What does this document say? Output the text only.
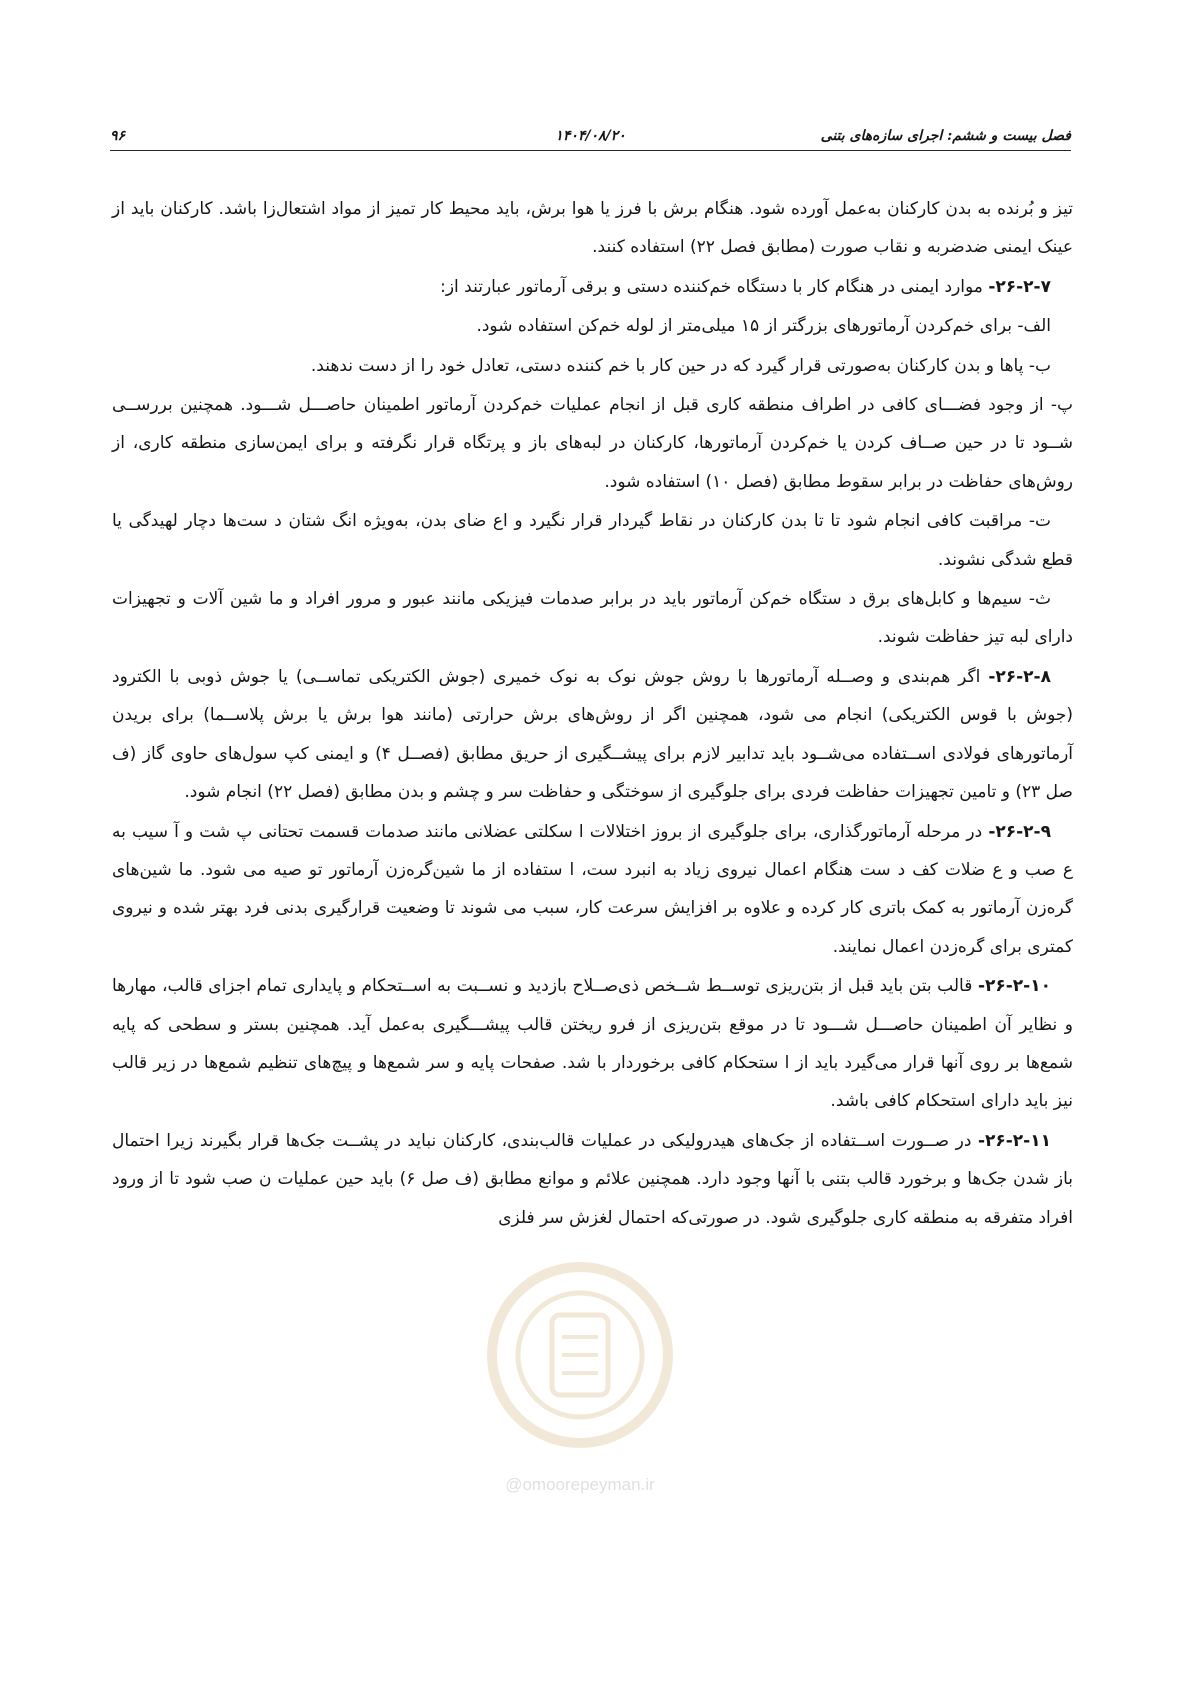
فصل بیست و ششم: اجرای سازه‌های بتنی
۱۴۰۴/۰۸/۲۰
۹۶

تیز و بُرنده به بدن کارکنان به‌عمل آورده شود. هنگام برش با فرز یا هوا برش، باید محیط کار تمیز از مواد اشتعال‌زا باشد. کارکنان باید از عینک ایمنی ضدضربه و نقاب صورت (مطابق فصل ۲۲) استفاده کنند.

۲۶-۲-۷- موارد ایمنی در هنگام کار با دستگاه خم‌کننده دستی و برقی آرماتور عبارتند از:

الف- برای خم‌کردن آرماتورهای بزرگتر از ۱۵ میلی‌متر از لوله خم‌کن استفاده شود.

ب- پاها و بدن کارکنان به‌صورتی قرار گیرد که در حین کار با خم کننده دستی، تعادل خود را از دست ندهند.

پ- از وجود فضـــای کافی در اطراف منطقه کاری قبل از انجام عملیات خم‌کردن آرماتور اطمینان حاصـــل شـــود. همچنین بررســی شــود تا در حین صــاف کردن یا خم‌کردن آرماتورها، کارکنان در لبه‌های باز و پرتگاه قرار نگرفته و برای ایمن‌سازی منطقه کاری، از روش‌های حفاظت در برابر سقوط مطابق (فصل ۱۰) استفاده شود.

ت- مراقبت کافی انجام شود تا تا بدن کارکنان در نقاط گیردار قرار نگیرد و اع ضای بدن، به‌ویژه انگ شتان د ست‌ها دچار لهیدگی یا قطع شدگی نشوند.

ث- سیم‌ها و کابل‌های برق د ستگاه خم‌کن آرماتور باید در برابر صدمات فیزیکی مانند عبور و مرور افراد و ما شین آلات و تجهیزات دارای لبه تیز حفاظت شوند.

۲۶-۲-۸- اگر هم‌بندی و وصــله آرماتورها با روش جوش نوک به نوک خمیری (جوش الکتریکی تماســی) یا جوش ذوبی با الکترود (جوش با قوس الکتریکی) انجام می شود، همچنین اگر از روش‌های برش حرارتی (مانند هوا برش یا برش پلاســما) برای بریدن آرماتورهای فولادی اســتفاده می‌شــود باید تدابیر لازم برای پیشــگیری از حریق مطابق (فصــل ۴) و ایمنی کپ سول‌های حاوی گاز (ف صل ۲۳) و تامین تجهیزات حفاظت فردی برای جلوگیری از سوختگی و حفاظت سر و چشم و بدن مطابق (فصل ۲۲) انجام شود.

۲۶-۲-۹- در مرحله آرماتورگذاری، برای جلوگیری از بروز اختلالات ا سکلتی عضلانی مانند صدمات قسمت تحتانی پ شت و آ سیب به ع صب و ع ضلات کف د ست هنگام اعمال نیروی زیاد به انبرد ست، ا ستفاده از ما شین‌گره‌زن آرماتور تو صیه می شود. ما شین‌های گره‌زن آرماتور به کمک باتری کار کرده و علاوه بر افزایش سرعت کار، سبب می شوند تا وضعیت قرارگیری بدنی فرد بهتر شده و نیروی کمتری برای گره‌زدن اعمال نمایند.

۲۶-۲-۱۰- قالب بتن باید قبل از بتن‌ریزی توســط شــخص ذی‌صــلاح بازدید و نســبت به اســتحکام و پایداری تمام اجزای قالب، مهارها و نظایر آن اطمینان حاصـــل شـــود تا در موقع بتن‌ریزی از فرو ریختن قالب پیشـــگیری به‌عمل آید. همچنین بستر و سطحی که پایه شمع‌ها بر روی آنها قرار می‌گیرد باید از ا ستحکام کافی برخوردار با شد. صفحات پایه و سر شمع‌ها و پیچ‌های تنظیم شمع‌ها در زیر قالب نیز باید دارای استحکام کافی باشد.

۲۶-۲-۱۱- در صــورت اســتفاده از جک‌های هیدرولیکی در عملیات قالب‌بندی، کارکنان نباید در پشــت جک‌ها قرار بگیرند زیرا احتمال باز شدن جک‌ها و برخورد قالب بتنی با آنها وجود دارد. همچنین علائم و موانع مطابق (ف صل ۶) باید حین عملیات ن صب شود تا از ورود افراد متفرقه به منطقه کاری جلوگیری شود. در صورتی‌که احتمال لغزش سر فلزی

@omoorepeyman.ir
